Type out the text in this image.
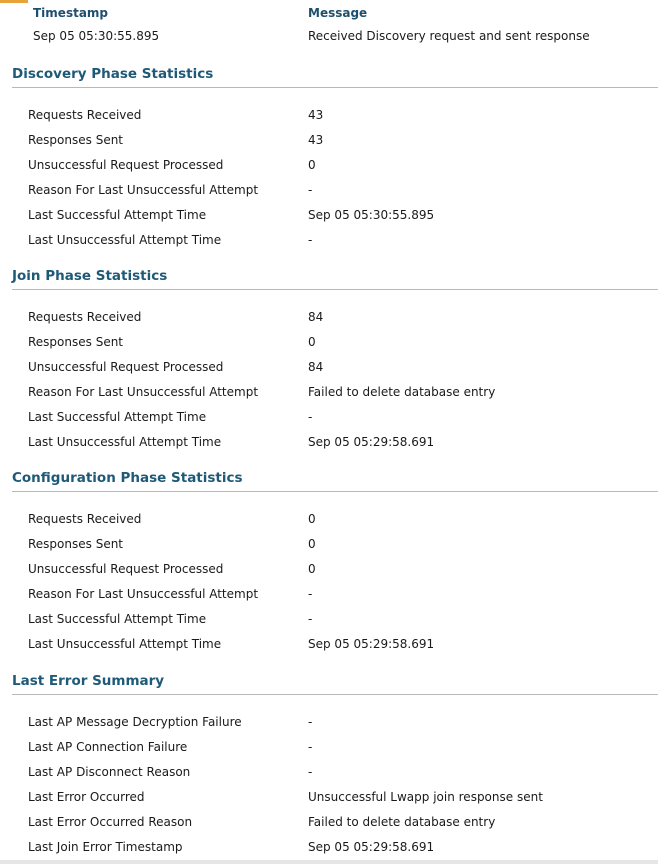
Timestamp	Message
Sep 05 05:30:55.895	Received Discovery request and sent response
Discovery Phase Statistics
Requests Received	43
Responses Sent	43
Unsuccessful Request Processed	0
Reason For Last Unsuccessful Attempt	-
Last Successful Attempt Time	Sep 05 05:30:55.895
Last Unsuccessful Attempt Time	-
Join Phase Statistics
Requests Received	84
Responses Sent	0
Unsuccessful Request Processed	84
Reason For Last Unsuccessful Attempt	Failed to delete database entry
Last Successful Attempt Time	-
Last Unsuccessful Attempt Time	Sep 05 05:29:58.691
Configuration Phase Statistics
Requests Received	0
Responses Sent	0
Unsuccessful Request Processed	0
Reason For Last Unsuccessful Attempt	-
Last Successful Attempt Time	-
Last Unsuccessful Attempt Time	Sep 05 05:29:58.691
Last Error Summary
Last AP Message Decryption Failure	-
Last AP Connection Failure	-
Last AP Disconnect Reason	-
Last Error Occurred	Unsuccessful Lwapp join response sent
Last Error Occurred Reason	Failed to delete database entry
Last Join Error Timestamp	Sep 05 05:29:58.691
